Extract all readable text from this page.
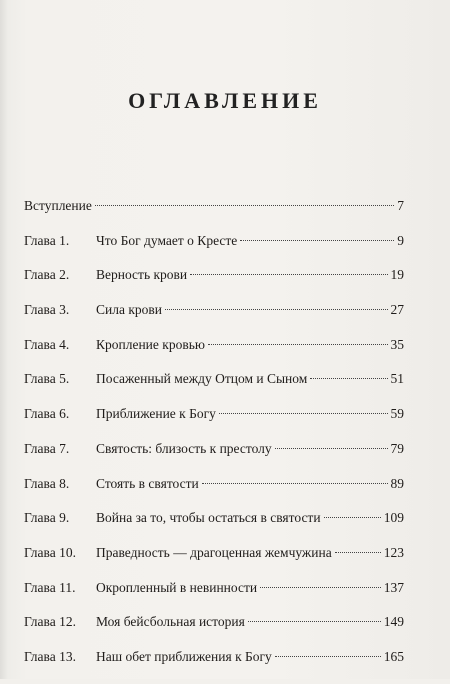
ОГЛАВЛЕНИЕ
Вступление	7
Глава 1.	Что Бог думает о Кресте	9
Глава 2.	Верность крови	19
Глава 3.	Сила крови	27
Глава 4.	Кропление кровью	35
Глава 5.	Посаженный между Отцом и Сыном	51
Глава 6.	Приближение к Богу	59
Глава 7.	Святость: близость к престолу	79
Глава 8.	Стоять в святости	89
Глава 9.	Война за то, чтобы остаться в святости	109
Глава 10.	Праведность — драгоценная жемчужина	123
Глава 11.	Окропленный в невинности	137
Глава 12.	Моя бейсбольная история	149
Глава 13.	Наш обет приближения к Богу	165
